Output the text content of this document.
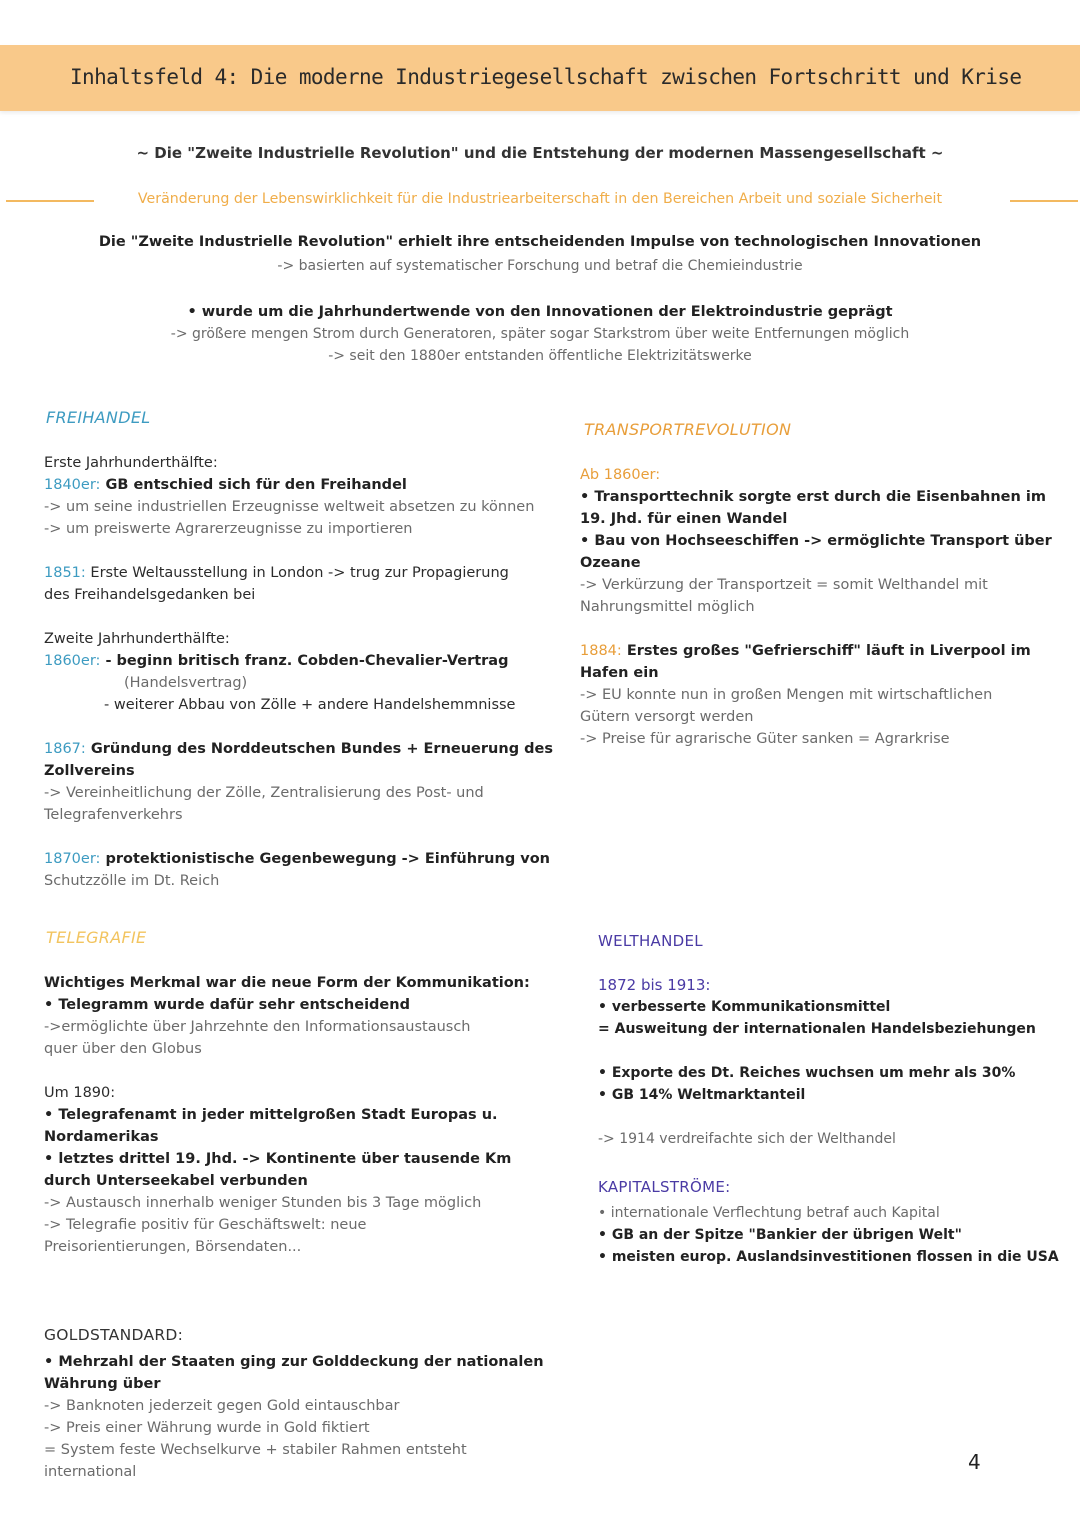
Inhaltsfeld 4: Die moderne Industriegesellschaft zwischen Fortschritt und Krise
~ Die "Zweite Industrielle Revolution" und die Entstehung der modernen Massengesellschaft ~
Veränderung der Lebenswirklichkeit für die Industriearbeiterschaft in den Bereichen Arbeit und soziale Sicherheit
Die "Zweite Industrielle Revolution" erhielt ihre entscheidenden Impulse von technologischen Innovationen
-> basierten auf systematischer Forschung und betraf die Chemieindustrie
• wurde um die Jahrhundertwende von den Innovationen der Elektroindustrie geprägt
-> größere mengen Strom durch Generatoren, später sogar Starkstrom über weite Entfernungen möglich
-> seit den 1880er entstanden öffentliche Elektrizitätswerke
FREIHANDEL
Erste Jahrhunderthälfte:
1840er: GB entschied sich für den Freihandel
-> um seine industriellen Erzeugnisse weltweit absetzen zu können
-> um preiswerte Agrarerzeugnisse zu importieren
1851: Erste Weltausstellung in London -> trug zur Propagierung
des Freihandelsgedanken bei
Zweite Jahrhunderthälfte:
1860er: - beginn britisch franz. Cobden-Chevalier-Vertrag
(Handelsvertrag)
- weiterer Abbau von Zölle + andere Handelshemmnisse
1867: Gründung des Norddeutschen Bundes + Erneuerung des
Zollvereins
-> Vereinheitlichung der Zölle, Zentralisierung des Post- und
Telegrafenverkehrs
1870er: protektionistische Gegenbewegung -> Einführung von
Schutzzölle im Dt. Reich
TRANSPORTREVOLUTION
Ab 1860er:
• Transporttechnik sorgte erst durch die Eisenbahnen im
19. Jhd. für einen Wandel
• Bau von Hochseeschiffen -> ermöglichte Transport über
Ozeane
-> Verkürzung der Transportzeit = somit Welthandel mit
Nahrungsmittel möglich
1884: Erstes großes "Gefrierschiff" läuft in Liverpool im
Hafen ein
-> EU konnte nun in großen Mengen mit wirtschaftlichen
Gütern versorgt werden
-> Preise für agrarische Güter sanken = Agrarkrise
TELEGRAFIE
Wichtiges Merkmal war die neue Form der Kommunikation:
• Telegramm wurde dafür sehr entscheidend
->ermöglichte über Jahrzehnte den Informationsaustausch
quer über den Globus
Um 1890:
• Telegrafenamt in jeder mittelgroßen Stadt Europas u.
Nordamerikas
• letztes drittel 19. Jhd. -> Kontinente über tausende Km
durch Unterseekabel verbunden
-> Austausch innerhalb weniger Stunden bis 3 Tage möglich
-> Telegrafie positiv für Geschäftswelt: neue
Preisorientierungen, Börsendaten...
WELTHANDEL
1872 bis 1913:
• verbesserte Kommunikationsmittel
= Ausweitung der internationalen Handelsbeziehungen
• Exporte des Dt. Reiches wuchsen um mehr als 30%
• GB 14% Weltmarktanteil
-> 1914 verdreifachte sich der Welthandel
KAPITALSTRÖME:
• internationale Verflechtung betraf auch Kapital
• GB an der Spitze "Bankier der übrigen Welt"
• meisten europ. Auslandsinvestitionen flossen in die USA
GOLDSTANDARD:
• Mehrzahl der Staaten ging zur Golddeckung der nationalen
Währung über
-> Banknoten jederzeit gegen Gold eintauschbar
-> Preis einer Währung wurde in Gold fiktiert
= System feste Wechselkurve + stabiler Rahmen entsteht
international	4
